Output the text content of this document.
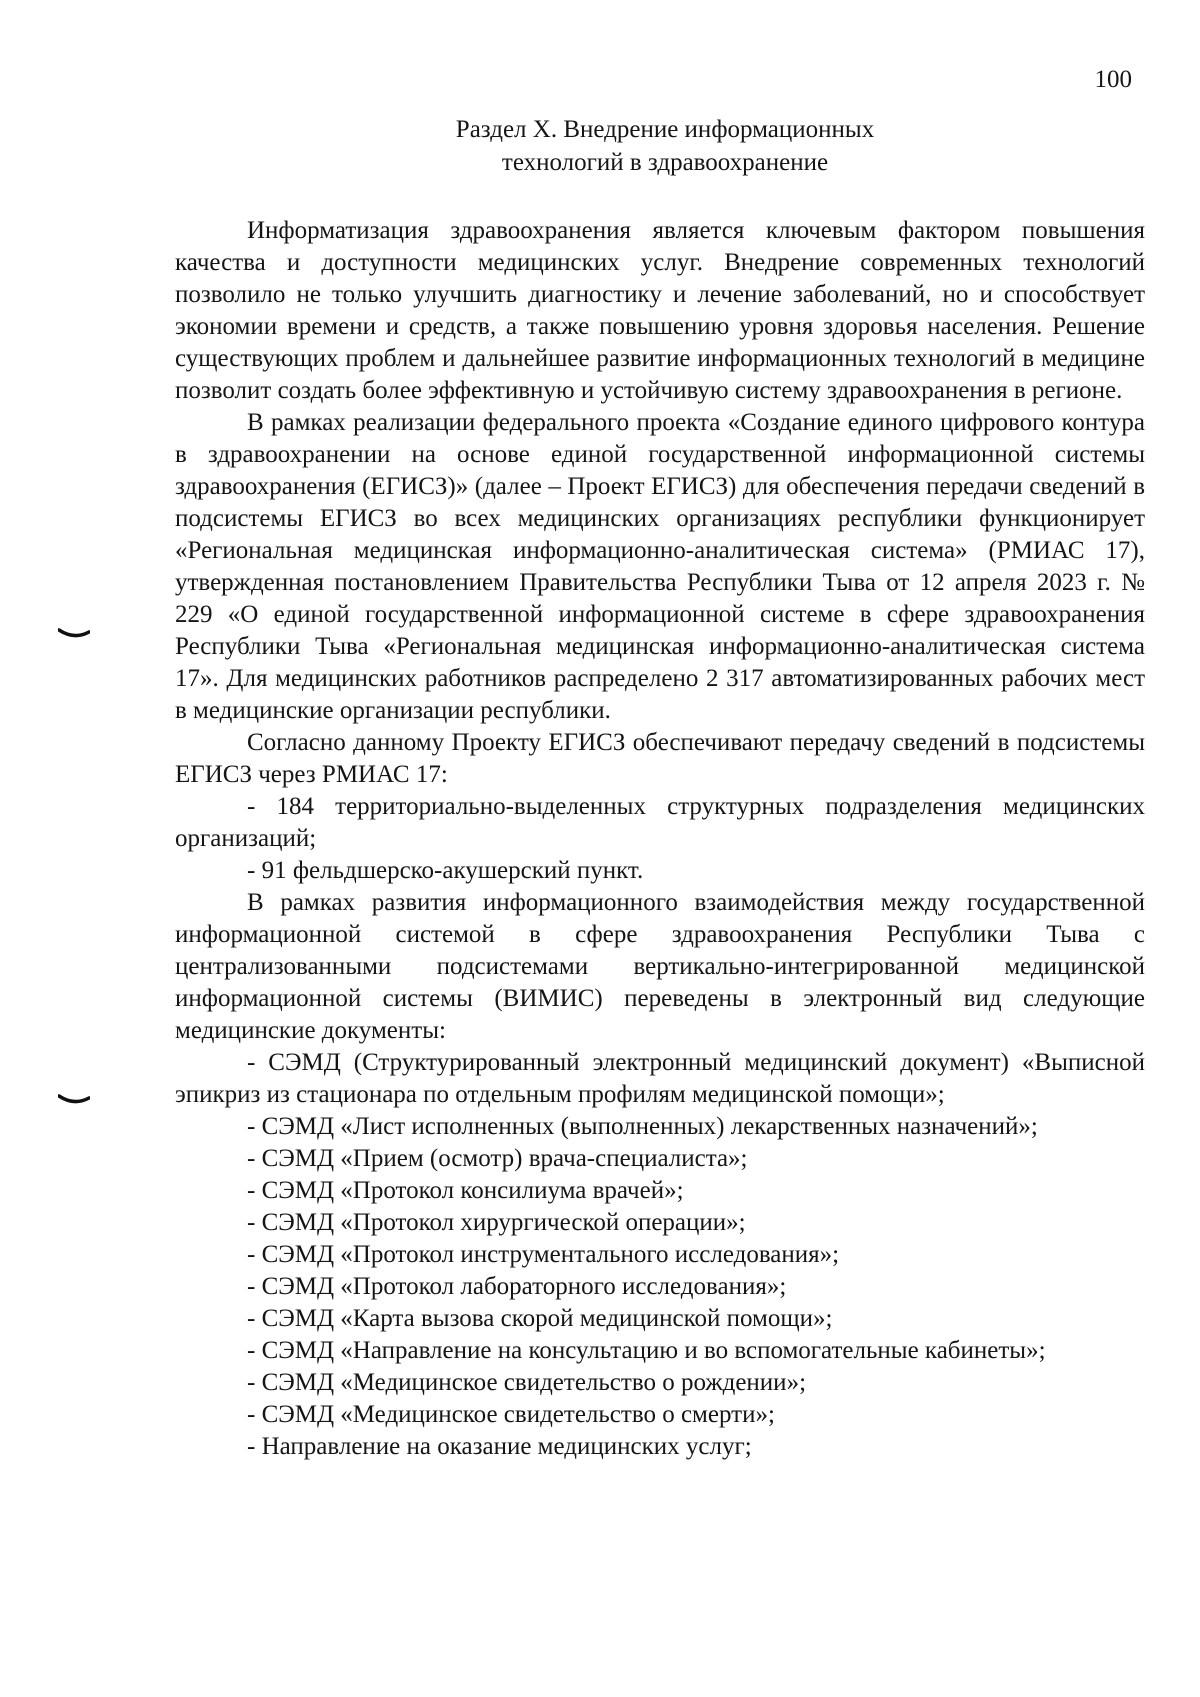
100
Раздел X. Внедрение информационных
технологий в здравоохранение

Информатизация здравоохранения является ключевым фактором повышения качества и доступности медицинских услуг. Внедрение современных технологий позволило не только улучшить диагностику и лечение заболеваний, но и способствует экономии времени и средств, а также повышению уровня здоровья населения. Решение существующих проблем и дальнейшее развитие информационных технологий в медицине позволит создать более эффективную и устойчивую систему здравоохранения в регионе.

В рамках реализации федерального проекта «Создание единого цифрового контура в здравоохранении на основе единой государственной информационной системы здравоохранения (ЕГИСЗ)» (далее – Проект ЕГИСЗ) для обеспечения передачи сведений в подсистемы ЕГИСЗ во всех медицинских организациях республики функционирует «Региональная медицинская информационно-аналитическая система» (РМИАС 17), утвержденная постановлением Правительства Республики Тыва от 12 апреля 2023 г. № 229 «О единой государственной информационной системе в сфере здравоохранения Республики Тыва «Региональная медицинская информационно-аналитическая система 17». Для медицинских работников распределено 2 317 автоматизированных рабочих мест в медицинские организации республики.

Согласно данному Проекту ЕГИСЗ обеспечивают передачу сведений в подсистемы ЕГИСЗ через РМИАС 17:

- 184 территориально-выделенных структурных подразделения медицинских организаций;
- 91 фельдшерско-акушерский пункт.

В рамках развития информационного взаимодействия между государственной информационной системой в сфере здравоохранения Республики Тыва с централизованными подсистемами вертикально-интегрированной медицинской информационной системы (ВИМИС) переведены в электронный вид следующие медицинские документы:

- СЭМД (Структурированный электронный медицинский документ) «Выписной эпикриз из стационара по отдельным профилям медицинской помощи»;
- СЭМД «Лист исполненных (выполненных) лекарственных назначений»;
- СЭМД «Прием (осмотр) врача-специалиста»;
- СЭМД «Протокол консилиума врачей»;
- СЭМД «Протокол хирургической операции»;
- СЭМД «Протокол инструментального исследования»;
- СЭМД «Протокол лабораторного исследования»;
- СЭМД «Карта вызова скорой медицинской помощи»;
- СЭМД «Направление на консультацию и во вспомогательные кабинеты»;
- СЭМД «Медицинское свидетельство о рождении»;
- СЭМД «Медицинское свидетельство о смерти»;
- Направление на оказание медицинских услуг;
